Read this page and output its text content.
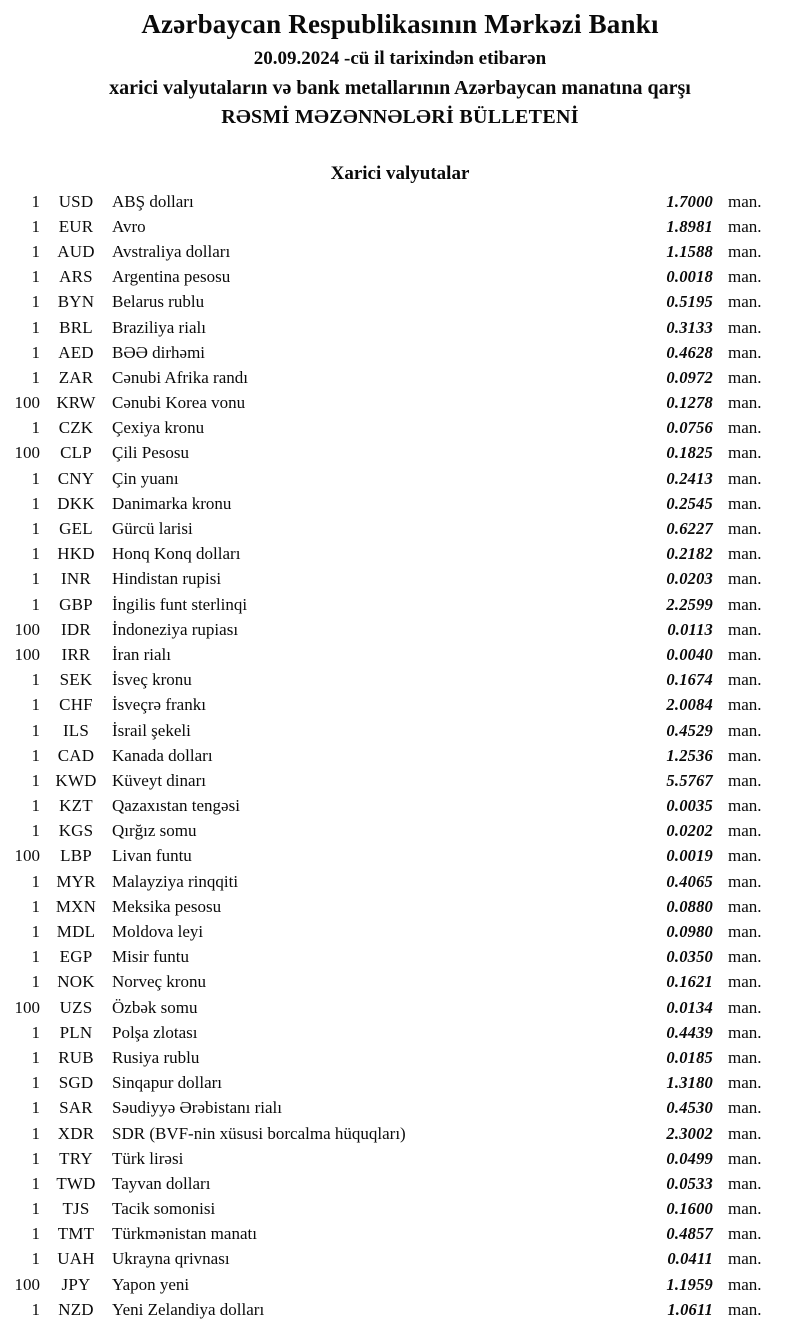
Azərbaycan Respublikasının Mərkəzi Bankı
20.09.2024 -cü il tarixindən etibarən
xarici valyutaların və bank metallarının Azərbaycan manatına qarşı
RƏSMİ MƏZƏNNƏLƏRİ BÜLLETENİ
Xarici valyutalar
1	USD	ABŞ dolları	1.7000 man.
1	EUR	Avro	1.8981 man.
1	AUD	Avstraliya dolları	1.1588 man.
1	ARS	Argentina pesosu	0.0018 man.
1	BYN	Belarus rublu	0.5195 man.
1	BRL	Braziliya rialı	0.3133 man.
1	AED	BƏƏ dirhəmi	0.4628 man.
1	ZAR	Cənubi Afrika randı	0.0972 man.
100 KRW Cənubi Korea vonu	0.1278 man.
1	CZK	Çexiya kronu	0.0756 man.
100	CLP	Çili Pesosu	0.1825 man.
1	CNY	Çin yuanı	0.2413 man.
1	DKK	Danimarka kronu	0.2545 man.
1	GEL	Gürcü larisi	0.6227 man.
1	HKD	Honq Konq dolları	0.2182 man.
1	INR	Hindistan rupisi	0.0203 man.
1	GBP	İngilis funt sterlinqi	2.2599 man.
100	IDR	İndoneziya rupiası	0.0113 man.
100	IRR	İran rialı	0.0040 man.
1	SEK	İsveç kronu	0.1674 man.
1	CHF	İsveçrə frankı	2.0084 man.
1	ILS	İsrail şekeli	0.4529 man.
1	CAD	Kanada dolları	1.2536 man.
1 KWD Küveyt dinarı	5.5767 man.
1	KZT	Qazaxıstan tengəsi	0.0035 man.
1	KGS	Qırğız somu	0.0202 man.
100	LBP	Livan funtu	0.0019 man.
1 MYR Malayziya rinqqiti	0.4065 man.
1 MXN Meksika pesosu	0.0880 man.
1 MDL Moldova leyi	0.0980 man.
1	EGP	Misir funtu	0.0350 man.
1	NOK	Norveç kronu	0.1621 man.
100	UZS	Özbək somu	0.0134 man.
1	PLN	Polşa zlotası	0.4439 man.
1	RUB	Rusiya rublu	0.0185 man.
1	SGD	Sinqapur dolları	1.3180 man.
1	SAR	Səudiyyə Ərəbistanı rialı	0.4530 man.
1	XDR	SDR (BVF-nin xüsusi borcalma hüquqları)	2.3002 man.
1	TRY	Türk lirəsi	0.0499 man.
1 TWD Tayvan dolları	0.0533 man.
1	TJS	Tacik somonisi	0.1600 man.
1	TMT	Türkmənistan manatı	0.4857 man.
1	UAH	Ukrayna qrivnası	0.0411 man.
100	JPY	Yapon yeni	1.1959 man.
1	NZD	Yeni Zelandiya dolları	1.0611 man.
